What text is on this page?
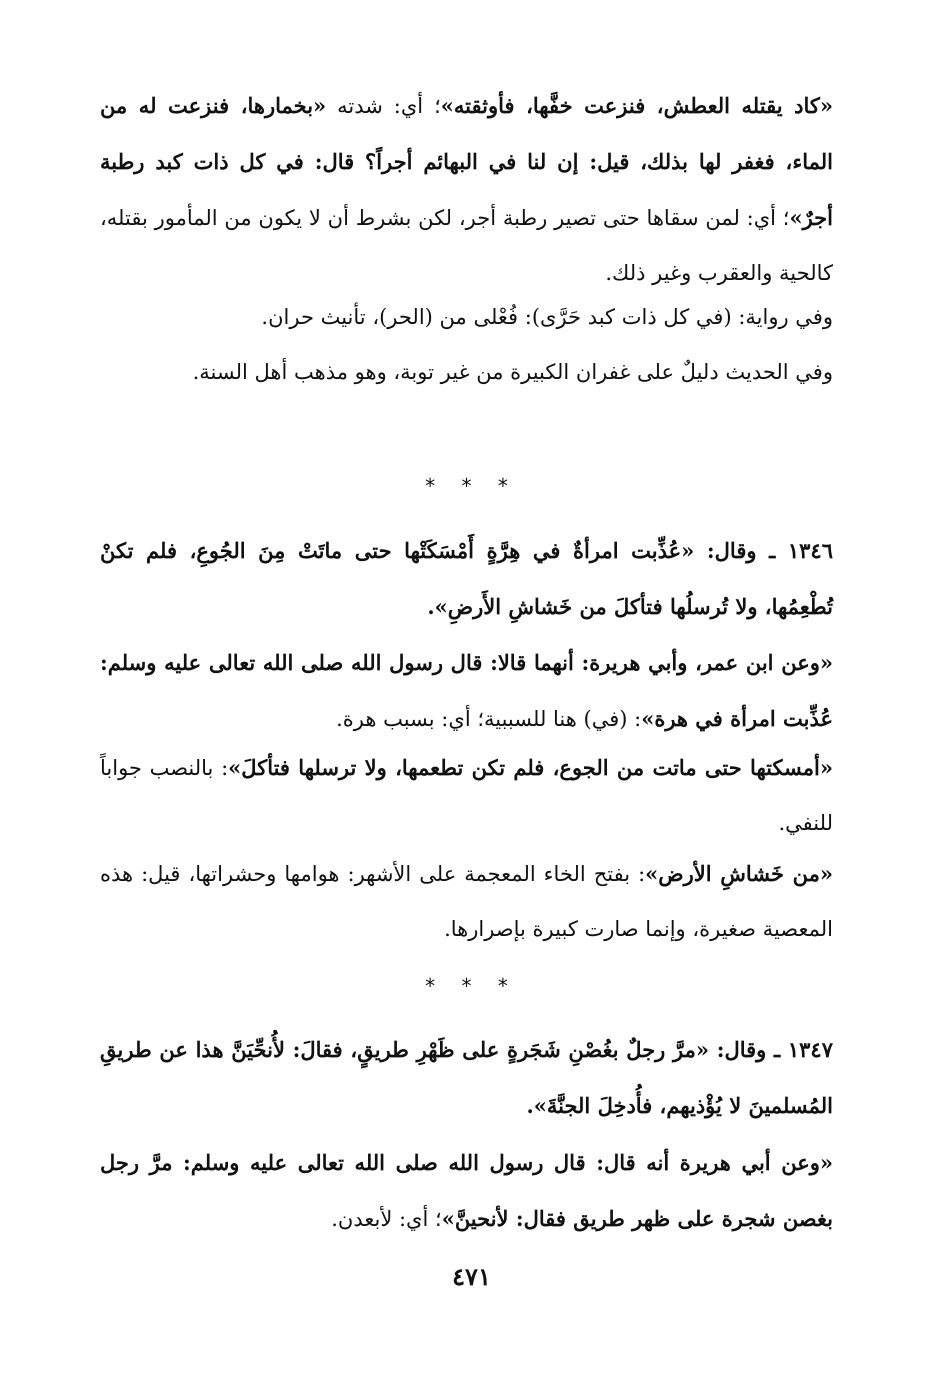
«كاد يقتله العطش، فنزعت خفَّها، فأوثقته»؛ أي: شدته «بخمارها، فنزعت له من الماء، فغفر لها بذلك، قيل: إن لنا في البهائم أجراً؟ قال: في كل ذات كبد رطبة أجرٌ»؛ أي: لمن سقاها حتى تصير رطبة أجر، لكن بشرط أن لا يكون من المأمور بقتله، كالحية والعقرب وغير ذلك.

وفي رواية: (في كل ذات كبد حَرَّى): فُعْلى من (الحر)، تأنيث حران.

وفي الحديث دليلٌ على غفران الكبيرة من غير توبة، وهو مذهب أهل السنة.

* * *

١٣٤٦ ـ وقال: «عُذِّبت امرأةٌ في هِرَّةٍ أَمْسَكَتْها حتى ماتَتْ مِنَ الجُوعِ، فلم تكنْ تُطْعِمُها، ولا تُرسلُها فتأكلَ من خَشاشِ الأَرضِ».

«وعن ابن عمر، وأبي هريرة: أنهما قالا: قال رسول الله صلى الله تعالى عليه وسلم: عُذِّبت امرأة في هرة»: (في) هنا للسببية؛ أي: بسبب هرة.

«أمسكتها حتى ماتت من الجوع، فلم تكن تطعمها، ولا ترسلها فتأكلَ»: بالنصب جواباً للنفي.

«من خَشاشِ الأرض»: بفتح الخاء المعجمة على الأشهر: هوامها وحشراتها، قيل: هذه المعصية صغيرة، وإنما صارت كبيرة بإصرارها.

* * *

١٣٤٧ ـ وقال: «مرَّ رجلٌ بغُصْنِ شَجَرةٍ على ظَهْرِ طريقٍ، فقالَ: لأُنحِّيَنَّ هذا عن طريقِ المُسلمينَ لا يُؤْذيهم، فأُدخِلَ الجنَّةَ».

«وعن أبي هريرة أنه قال: قال رسول الله صلى الله تعالى عليه وسلم: مرَّ رجل بغصن شجرة على ظهر طريق فقال: لأنحينَّ»؛ أي: لأبعدن.

٤٧١
